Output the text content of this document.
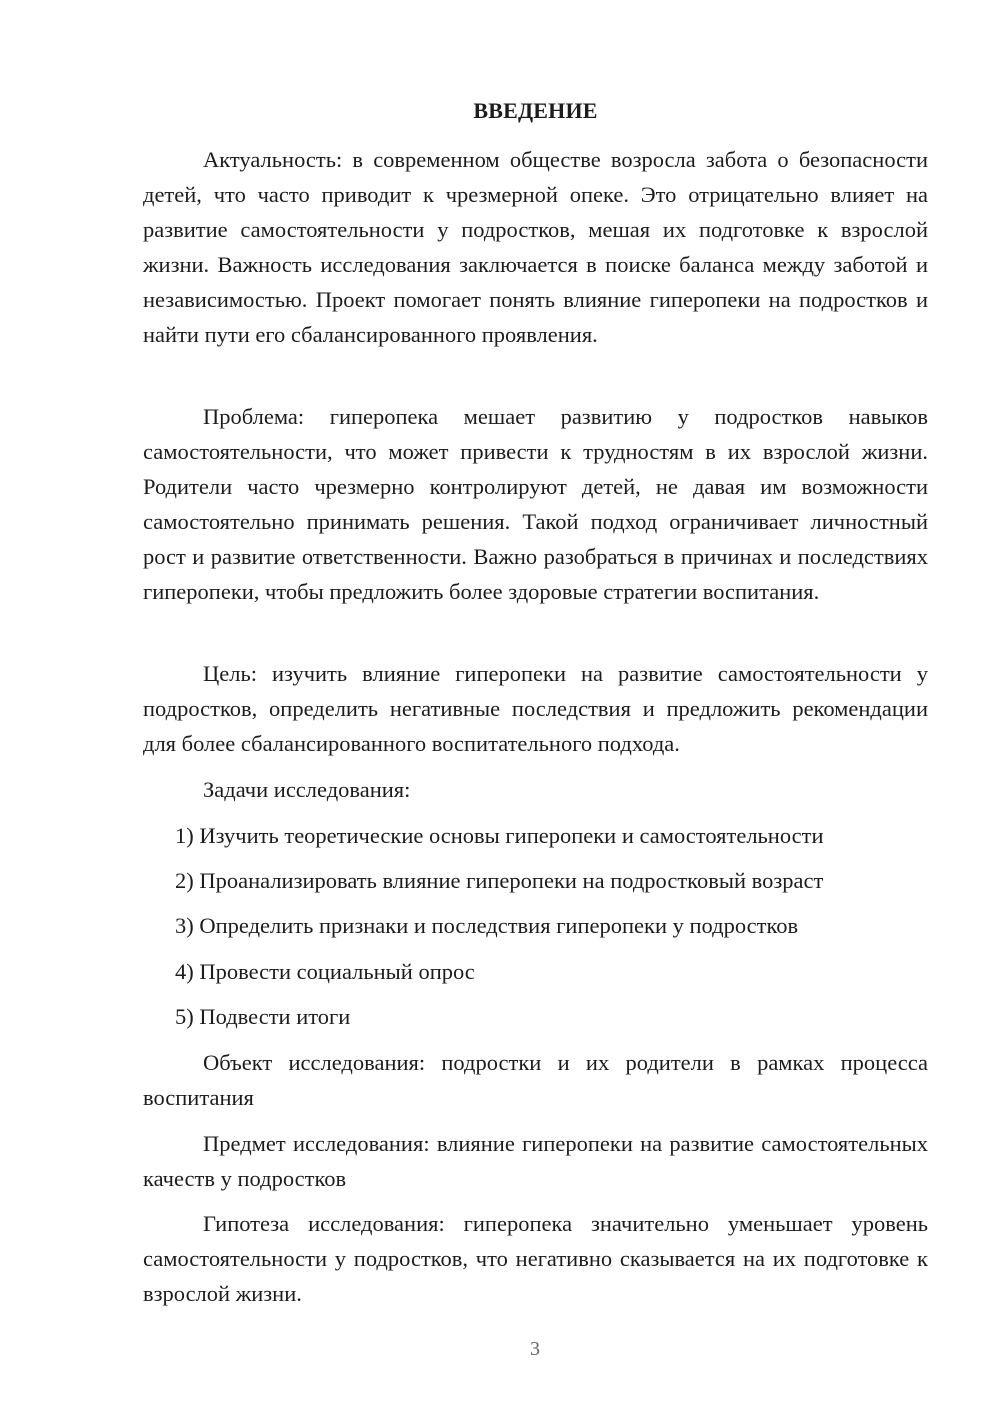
ВВЕДЕНИЕ

Актуальность: в современном обществе возросла забота о безопасности детей, что часто приводит к чрезмерной опеке. Это отрицательно влияет на развитие самостоятельности у подростков, мешая их подготовке к взрослой жизни. Важность исследования заключается в поиске баланса между заботой и независимостью. Проект помогает понять влияние гиперопеки на подростков и найти пути его сбалансированного проявления.

Проблема: гиперопека мешает развитию у подростков навыков самостоятельности, что может привести к трудностям в их взрослой жизни. Родители часто чрезмерно контролируют детей, не давая им возможности самостоятельно принимать решения. Такой подход ограничивает личностный рост и развитие ответственности. Важно разобраться в причинах и последствиях гиперопеки, чтобы предложить более здоровые стратегии воспитания.

Цель: изучить влияние гиперопеки на развитие самостоятельности у подростков, определить негативные последствия и предложить рекомендации для более сбалансированного воспитательного подхода.

Задачи исследования:

1) Изучить теоретические основы гиперопеки и самостоятельности

2) Проанализировать влияние гиперопеки на подростковый возраст

3) Определить признаки и последствия гиперопеки у подростков

4) Провести социальный опрос

5) Подвести итоги

Объект исследования: подростки и их родители в рамках процесса воспитания

Предмет исследования: влияние гиперопеки на развитие самостоятельных качеств у подростков

Гипотеза исследования: гиперопека значительно уменьшает уровень самостоятельности у подростков, что негативно сказывается на их подготовке к взрослой жизни.

3
